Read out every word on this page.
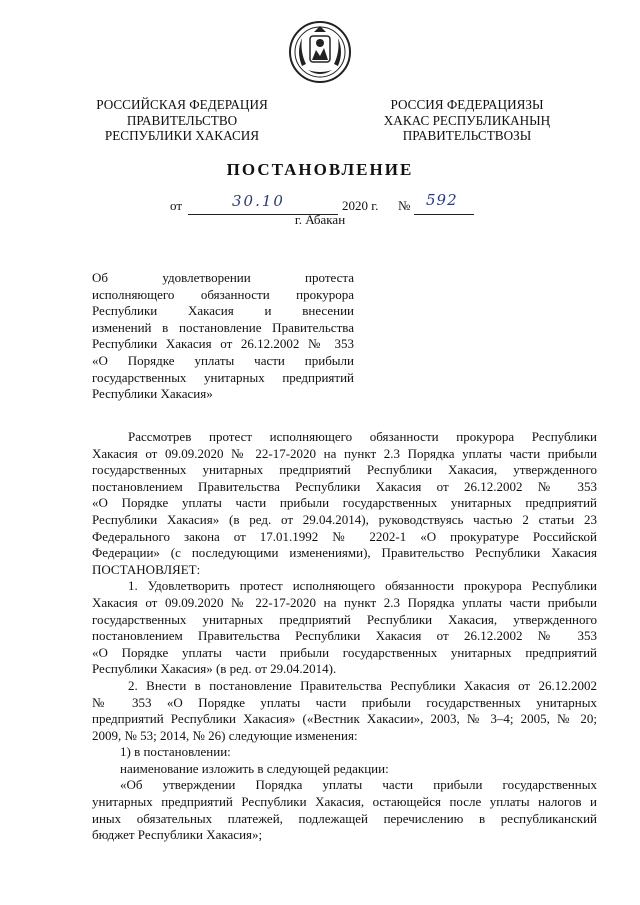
РОССИЙСКАЯ ФЕДЕРАЦИЯ
ПРАВИТЕЛЬСТВО
РЕСПУБЛИКИ ХАКАСИЯ
РОССИЯ ФЕДЕРАЦИЯЗЫ
ХАКАС РЕСПУБЛИКАНЫҢ
ПРАВИТЕЛЬСТВОЗЫ
ПОСТАНОВЛЕНИЕ
от	30.10	2020 г. № 592
г. Абакан
Об удовлетворении протеста
исполняющего обязанности прокурора
Республики Хакасия и внесении
изменений в постановление Правительства
Республики Хакасия от 26.12.2002 № 353
«О Порядке уплаты части прибыли
государственных унитарных предприятий
Республики Хакасия»
Рассмотрев протест исполняющего обязанности прокурора Республики
Хакасия от 09.09.2020 № 22-17-2020 на пункт 2.3 Порядка уплаты части прибыли
государственных унитарных предприятий Республики Хакасия, утвержденного
постановлением Правительства Республики Хакасия от 26.12.2002 № 353
«О Порядке уплаты части прибыли государственных унитарных предприятий
Республики Хакасия» (в ред. от 29.04.2014), руководствуясь частью 2 статьи 23
Федерального закона от 17.01.1992 № 2202-1 «О прокуратуре Российской
Федерации» (с последующими изменениями), Правительство Республики Хакасия
ПОСТАНОВЛЯЕТ:
1. Удовлетворить протест исполняющего обязанности прокурора Республики
Хакасия от 09.09.2020 № 22-17-2020 на пункт 2.3 Порядка уплаты части прибыли
государственных унитарных предприятий Республики Хакасия, утвержденного
постановлением Правительства Республики Хакасия от 26.12.2002 № 353
«О Порядке уплаты части прибыли государственных унитарных предприятий
Республики Хакасия» (в ред. от 29.04.2014).
2. Внести в постановление Правительства Республики Хакасия от 26.12.2002
№ 353 «О Порядке уплаты части прибыли государственных унитарных
предприятий Республики Хакасия» («Вестник Хакасии», 2003, № 3–4; 2005, № 20;
2009, № 53; 2014, № 26) следующие изменения:
1) в постановлении:
наименование изложить в следующей редакции:
«Об утверждении Порядка уплаты части прибыли государственных
унитарных предприятий Республики Хакасия, остающейся после уплаты налогов и
иных обязательных платежей, подлежащей перечислению в республиканский
бюджет Республики Хакасия»;
